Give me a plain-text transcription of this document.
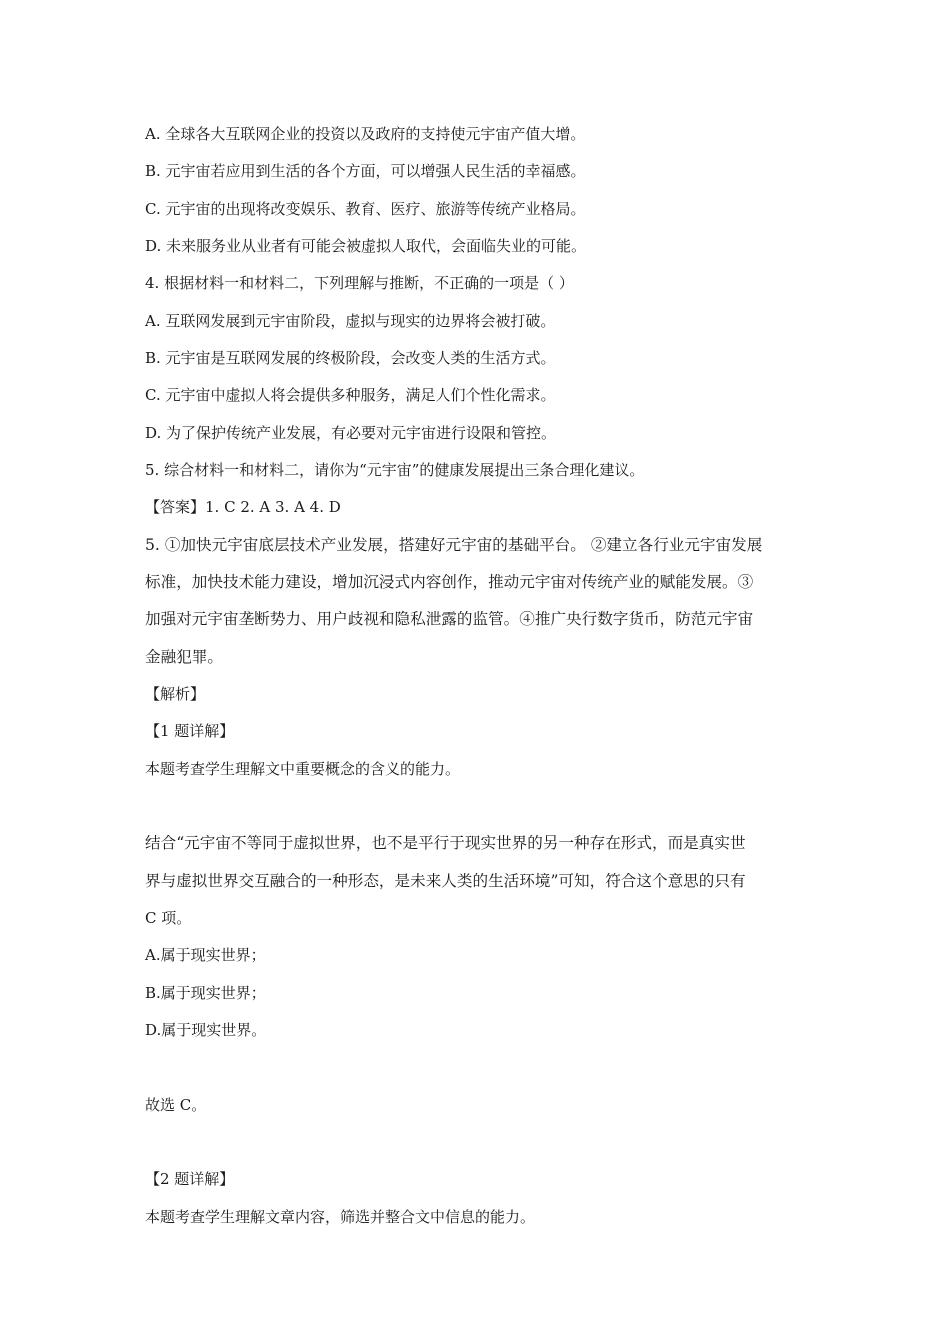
A. 全球各大互联网企业的投资以及政府的支持使元宇宙产值大增。
B. 元宇宙若应用到生活的各个方面，可以增强人民生活的幸福感。
C. 元宇宙的出现将改变娱乐、教育、医疗、旅游等传统产业格局。
D. 未来服务业从业者有可能会被虚拟人取代，会面临失业的可能。
4. 根据材料一和材料二，下列理解与推断，不正确的一项是（ ）
A. 互联网发展到元宇宙阶段，虚拟与现实的边界将会被打破。
B. 元宇宙是互联网发展的终极阶段，会改变人类的生活方式。
C. 元宇宙中虚拟人将会提供多种服务，满足人们个性化需求。
D. 为了保护传统产业发展，有必要对元宇宙进行设限和管控。
5. 综合材料一和材料二，请你为“元宇宙”的健康发展提出三条合理化建议。
【答案】1. C 2. A 3. A 4. D
5. ①加快元宇宙底层技术产业发展，搭建好元宇宙的基础平台。 ②建立各行业元宇宙发展
标准，加快技术能力建设，增加沉浸式内容创作，推动元宇宙对传统产业的赋能发展。③
加强对元宇宙垄断势力、用户歧视和隐私泄露的监管。④推广央行数字货币，防范元宇宙
金融犯罪。
【解析】
【1 题详解】
本题考查学生理解文中重要概念的含义的能力。
结合“元宇宙不等同于虚拟世界，也不是平行于现实世界的另一种存在形式，而是真实世
界与虚拟世界交互融合的一种形态，是未来人类的生活环境”可知，符合这个意思的只有
C 项。
A.属于现实世界；
B.属于现实世界；
D.属于现实世界。
故选 C。
【2 题详解】
本题考查学生理解文章内容，筛选并整合文中信息的能力。
